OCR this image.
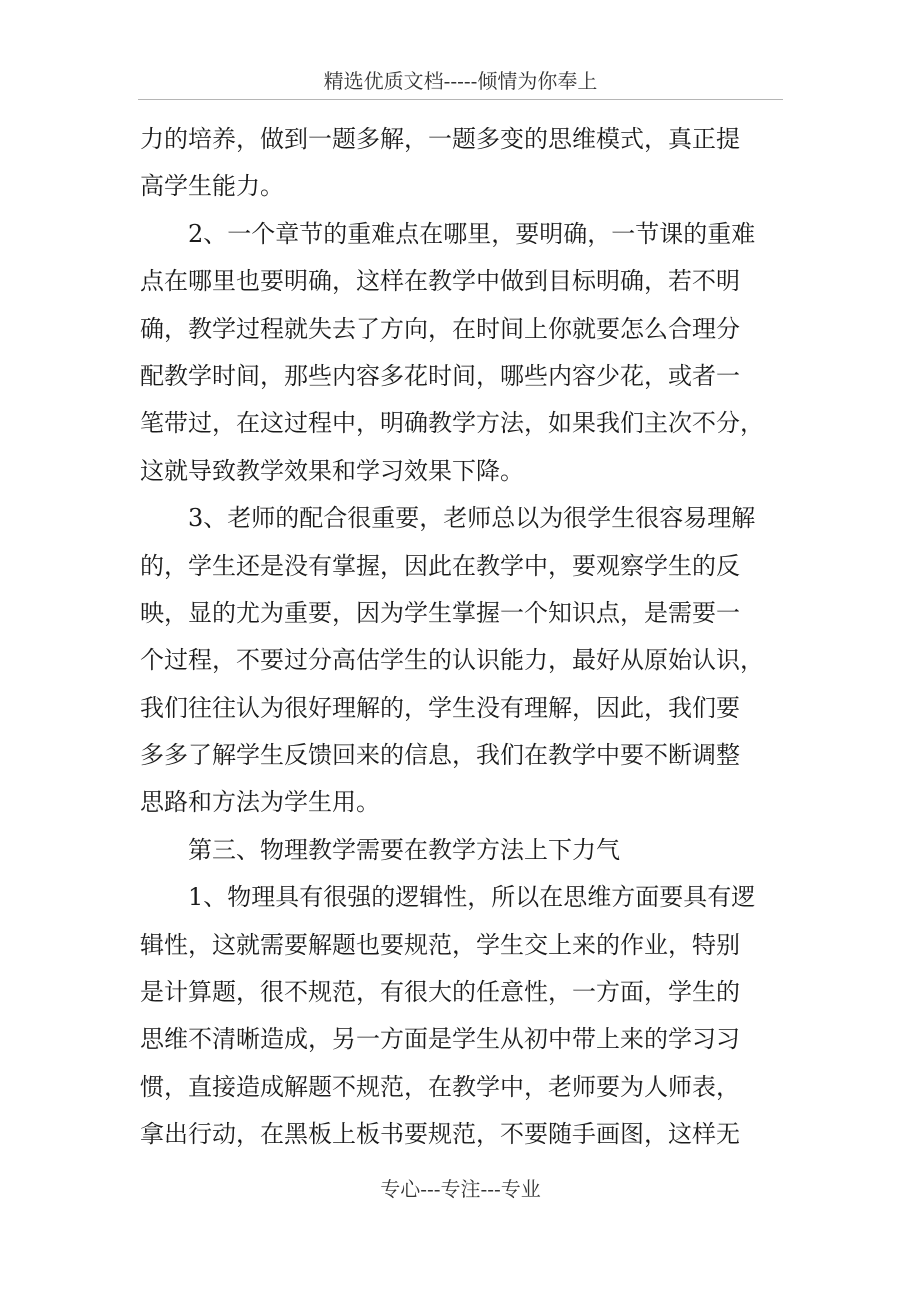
精选优质文档-----倾情为你奉上
力的培养，做到一题多解，一题多变的思维模式，真正提
高学生能力。
2、一个章节的重难点在哪里，要明确，一节课的重难
点在哪里也要明确，这样在教学中做到目标明确，若不明
确，教学过程就失去了方向，在时间上你就要怎么合理分
配教学时间，那些内容多花时间，哪些内容少花，或者一
笔带过，在这过程中，明确教学方法，如果我们主次不分，
这就导致教学效果和学习效果下降。
3、老师的配合很重要，老师总以为很学生很容易理解
的，学生还是没有掌握，因此在教学中，要观察学生的反
映，显的尤为重要，因为学生掌握一个知识点，是需要一
个过程，不要过分高估学生的认识能力，最好从原始认识，
我们往往认为很好理解的，学生没有理解，因此，我们要
多多了解学生反馈回来的信息，我们在教学中要不断调整
思路和方法为学生用。
第三、物理教学需要在教学方法上下力气
1、物理具有很强的逻辑性，所以在思维方面要具有逻
辑性，这就需要解题也要规范，学生交上来的作业，特别
是计算题，很不规范，有很大的任意性，一方面，学生的
思维不清晰造成，另一方面是学生从初中带上来的学习习
惯，直接造成解题不规范，在教学中，老师要为人师表，
拿出行动，在黑板上板书要规范，不要随手画图，这样无
专心---专注---专业
